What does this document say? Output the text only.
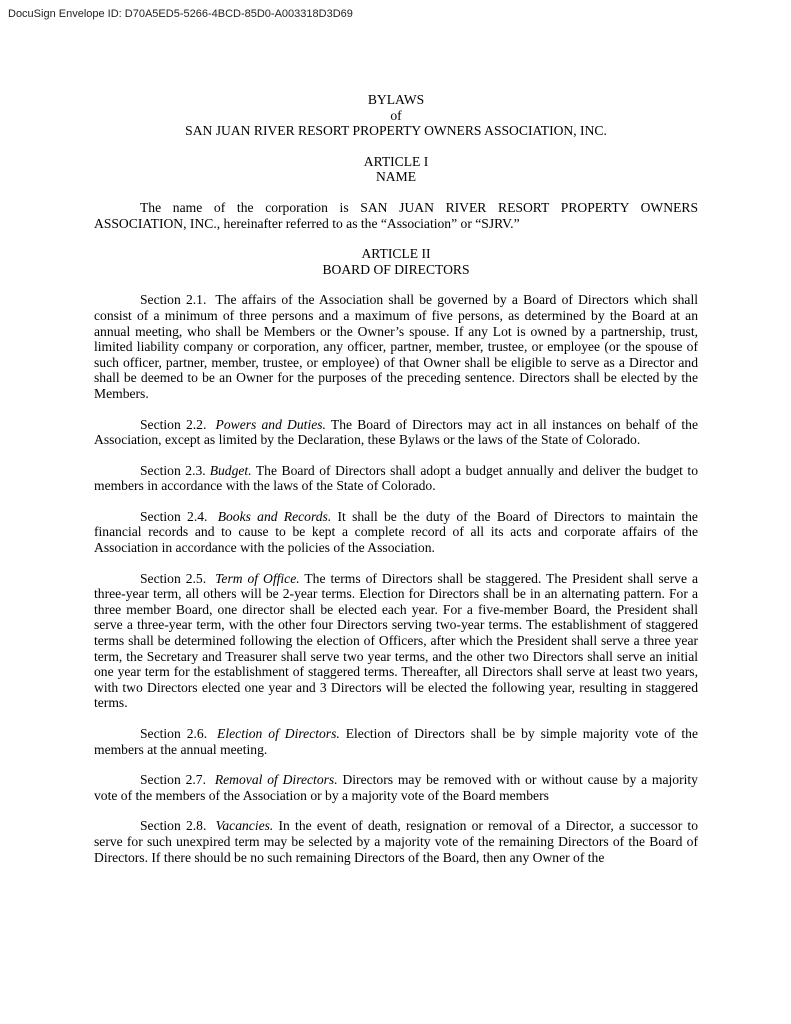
DocuSign Envelope ID: D70A5ED5-5266-4BCD-85D0-A003318D3D69

BYLAWS

of

SAN JUAN RIVER RESORT PROPERTY OWNERS ASSOCIATION, INC.

ARTICLE I

NAME

The name of the corporation is SAN JUAN RIVER RESORT PROPERTY OWNERS ASSOCIATION, INC., hereinafter referred to as the “Association” or “SJRV.”

ARTICLE II

BOARD OF DIRECTORS

Section 2.1. The affairs of the Association shall be governed by a Board of Directors which shall consist of a minimum of three persons and a maximum of five persons, as determined by the Board at an annual meeting, who shall be Members or the Owner’s spouse. If any Lot is owned by a partnership, trust, limited liability company or corporation, any officer, partner, member, trustee, or employee (or the spouse of such officer, partner, member, trustee, or employee) of that Owner shall be eligible to serve as a Director and shall be deemed to be an Owner for the purposes of the preceding sentence. Directors shall be elected by the Members.

Section 2.2. Powers and Duties. The Board of Directors may act in all instances on behalf of the Association, except as limited by the Declaration, these Bylaws or the laws of the State of Colorado.

Section 2.3. Budget. The Board of Directors shall adopt a budget annually and deliver the budget to members in accordance with the laws of the State of Colorado.

Section 2.4. Books and Records. It shall be the duty of the Board of Directors to maintain the financial records and to cause to be kept a complete record of all its acts and corporate affairs of the Association in accordance with the policies of the Association.

Section 2.5. Term of Office. The terms of Directors shall be staggered. The President shall serve a three-year term, all others will be 2-year terms. Election for Directors shall be in an alternating pattern. For a three member Board, one director shall be elected each year. For a five-member Board, the President shall serve a three-year term, with the other four Directors serving two-year terms. The establishment of staggered terms shall be determined following the election of Officers, after which the President shall serve a three year term, the Secretary and Treasurer shall serve two year terms, and the other two Directors shall serve an initial one year term for the establishment of staggered terms. Thereafter, all Directors shall serve at least two years, with two Directors elected one year and 3 Directors will be elected the following year, resulting in staggered terms.

Section 2.6. Election of Directors. Election of Directors shall be by simple majority vote of the members at the annual meeting.

Section 2.7. Removal of Directors. Directors may be removed with or without cause by a majority vote of the members of the Association or by a majority vote of the Board members

Section 2.8. Vacancies. In the event of death, resignation or removal of a Director, a successor to serve for such unexpired term may be selected by a majority vote of the remaining Directors of the Board of Directors. If there should be no such remaining Directors of the Board, then any Owner of the
